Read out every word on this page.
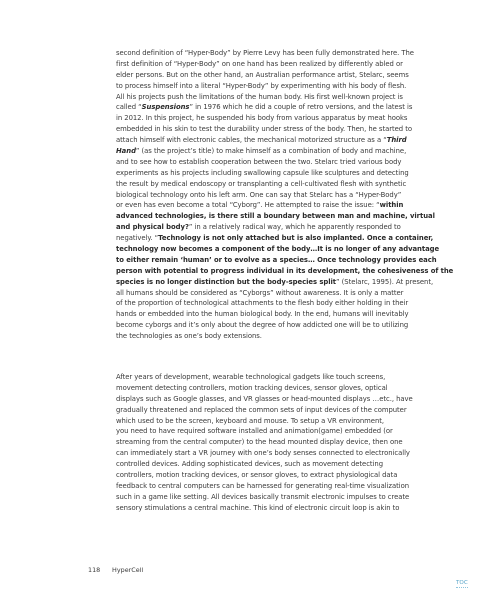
second definition of “Hyper-Body” by Pierre Levy has been fully demonstrated here. The
first definition of “Hyper-Body” on one hand has been realized by differently abled or
elder persons. But on the other hand, an Australian performance artist, Stelarc, seems
to process himself into a literal “Hyper-Body” by experimenting with his body of flesh.
All his projects push the limitations of the human body. His first well-known project is
called “Suspensions” in 1976 which he did a couple of retro versions, and the latest is
in 2012. In this project, he suspended his body from various apparatus by meat hooks
embedded in his skin to test the durability under stress of the body. Then, he started to
attach himself with electronic cables, the mechanical motorized structure as a “Third
Hand” (as the project’s title) to make himself as a combination of body and machine,
and to see how to establish cooperation between the two. Stelarc tried various body
experiments as his projects including swallowing capsule like sculptures and detecting
the result by medical endoscopy or transplanting a cell-cultivated flesh with synthetic
biological technology onto his left arm. One can say that Stelarc has a “Hyper-Body”
or even has even become a total “Cyborg”. He attempted to raise the issue: “within
advanced technologies, is there still a boundary between man and machine, virtual
and physical body?” in a relatively radical way, which he apparently responded to
negatively. “Technology is not only attached but is also implanted. Once a container,
technology now becomes a component of the body…It is no longer of any advantage
to either remain ‘human’ or to evolve as a species… Once technology provides each
person with potential to progress individual in its development, the cohesiveness of the
species is no longer distinction but the body-species split” (Stelarc, 1995). At present,
all humans should be considered as “Cyborgs” without awareness. It is only a matter
of the proportion of technological attachments to the flesh body either holding in their
hands or embedded into the human biological body. In the end, humans will inevitably
become cyborgs and it’s only about the degree of how addicted one will be to utilizing
the technologies as one’s body extensions.
After years of development, wearable technological gadgets like touch screens,
movement detecting controllers, motion tracking devices, sensor gloves, optical
displays such as Google glasses, and VR glasses or head-mounted displays …etc., have
gradually threatened and replaced the common sets of input devices of the computer
which used to be the screen, keyboard and mouse. To setup a VR environment,
you need to have required software installed and animation(game) embedded (or
streaming from the central computer) to the head mounted display device, then one
can immediately start a VR journey with one’s body senses connected to electronically
controlled devices. Adding sophisticated devices, such as movement detecting
controllers, motion tracking devices, or sensor gloves, to extract physiological data
feedback to central computers can be harnessed for generating real-time visualization
such in a game like setting. All devices basically transmit electronic impulses to create
sensory stimulations a central machine. This kind of electronic circuit loop is akin to
118 HyperCell
TOC
